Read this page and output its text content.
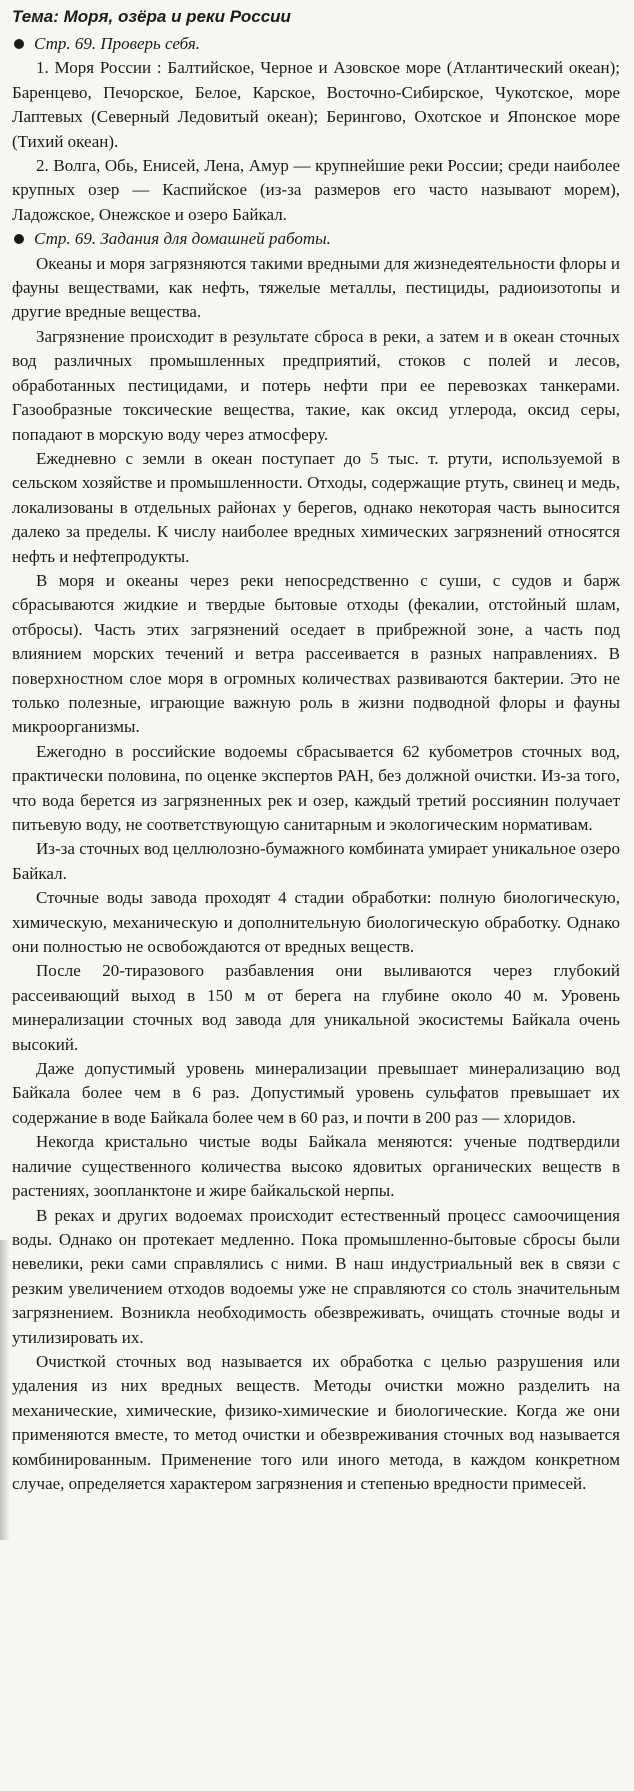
Тема: Моря, озёра и реки России
Стр. 69. Проверь себя.

1. Моря России : Балтийское, Черное и Азовское море (Атлантический океан); Баренцево, Печорское, Белое, Карское, Восточно-Сибирское, Чукотское, море Лаптевых (Северный Ледовитый океан); Берингово, Охотское и Японское море (Тихий океан).

2. Волга, Обь, Енисей, Лена, Амур — крупнейшие реки России; среди наиболее крупных озер — Каспийское (из-за размеров его часто называют морем), Ладожское, Онежское и озеро Байкал.

Стр. 69. Задания для домашней работы.

Океаны и моря загрязняются такими вредными для жизнедеятельности флоры и фауны веществами, как нефть, тяжелые металлы, пестициды, радиоизотопы и другие вредные вещества.

Загрязнение происходит в результате сброса в реки, а затем и в океан сточных вод различных промышленных предприятий, стоков с полей и лесов, обработанных пестицидами, и потерь нефти при ее перевозках танкерами. Газообразные токсические вещества, такие, как оксид углерода, оксид серы, попадают в морскую воду через атмосферу.

Ежедневно с земли в океан поступает до 5 тыс. т. ртути, используемой в сельском хозяйстве и промышленности. Отходы, содержащие ртуть, свинец и медь, локализованы в отдельных районах у берегов, однако некоторая часть выносится далеко за пределы. К числу наиболее вредных химических загрязнений относятся нефть и нефтепродукты.

В моря и океаны через реки непосредственно с суши, с судов и барж сбрасываются жидкие и твердые бытовые отходы (фекалии, отстойный шлам, отбросы). Часть этих загрязнений оседает в прибрежной зоне, а часть под влиянием морских течений и ветра рассеивается в разных направлениях. В поверхностном слое моря в огромных количествах развиваются бактерии. Это не только полезные, играющие важную роль в жизни подводной флоры и фауны микроорганизмы.

Ежегодно в российские водоемы сбрасывается 62 кубометров сточных вод, практически половина, по оценке экспертов РАН, без должной очистки. Из-за того, что вода берется из загрязненных рек и озер, каждый третий россиянин получает питьевую воду, не соответствующую санитарным и экологическим нормативам.

Из-за сточных вод целлюлозно-бумажного комбината умирает уникальное озеро Байкал.

Сточные воды завода проходят 4 стадии обработки: полную биологическую, химическую, механическую и дополнительную биологическую обработку. Однако они полностью не освобождаются от вредных веществ.

После 20-тиразового разбавления они выливаются через глубокий рассеивающий выход в 150 м от берега на глубине около 40 м. Уровень минерализации сточных вод завода для уникальной экосистемы Байкала очень высокий.

Даже допустимый уровень минерализации превышает минерализацию вод Байкала более чем в 6 раз. Допустимый уровень сульфатов превышает их содержание в воде Байкала более чем в 60 раз, и почти в 200 раз — хлоридов.

Некогда кристально чистые воды Байкала меняются: ученые подтвердили наличие существенного количества высоко ядовитых органических веществ в растениях, зоопланктоне и жире байкальской нерпы.

В реках и других водоемах происходит естественный процесс самоочищения воды. Однако он протекает медленно. Пока промышленно-бытовые сбросы были невелики, реки сами справлялись с ними. В наш индустриальный век в связи с резким увеличением отходов водоемы уже не справляются со столь значительным загрязнением. Возникла необходимость обезвреживать, очищать сточные воды и утилизировать их.

Очисткой сточных вод называется их обработка с целью разрушения или удаления из них вредных веществ. Методы очистки можно разделить на механические, химические, физико-химические и биологические. Когда же они применяются вместе, то метод очистки и обезвреживания сточных вод называется комбинированным. Применение того или иного метода, в каждом конкретном случае, определяется характером загрязнения и степенью вредности примесей.
